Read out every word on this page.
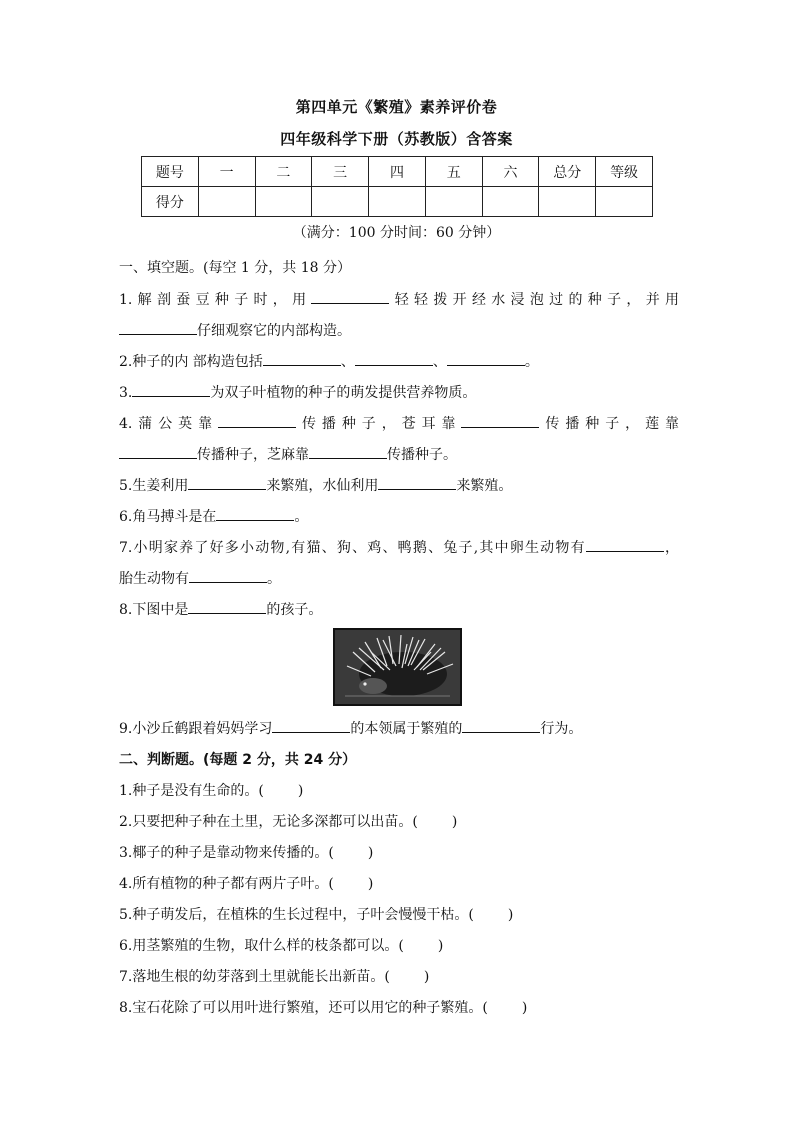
第四单元《繁殖》素养评价卷
四年级科学下册（苏教版）含答案
题号	一	二	三	四	五	六	总分	等级
得分								
（满分：100 分时间：60 分钟）
一、填空题。(每空 1 分，共 18 分）
1.解剖蚕豆种子时，用	轻轻拨开经水浸泡过的种子，并用
仔细观察它的内部构造。
2.种子的内 部构造包括	、	、	。
3.	为双子叶植物的种子的萌发提供营养物质。
4.蒲公英靠	传播种子，苍耳靠	传播种子，莲靠
传播种子，芝麻靠	传播种子。
5.生姜利用	来繁殖，水仙利用	来繁殖。
6.角马搏斗是在	。
7.小明家养了好多小动物,有猫、狗、鸡、鸭鹅、兔子,其中卵生动物有	，
胎生动物有	。
8.下图中是	的孩子。
9.小沙丘鹤跟着妈妈学习	的本领属于繁殖的	行为。
二、判断题。(每题 2 分，共 24 分）
1.种子是没有生命的。( )
2.只要把种子种在土里，无论多深都可以出苗。( )
3.椰子的种子是靠动物来传播的。( )
4.所有植物的种子都有两片子叶。( )
5.种子萌发后，在植株的生长过程中，子叶会慢慢干枯。( )
6.用茎繁殖的生物，取什么样的枝条都可以。( )
7.落地生根的幼芽落到土里就能长出新苗。( )
8.宝石花除了可以用叶进行繁殖，还可以用它的种子繁殖。( )
